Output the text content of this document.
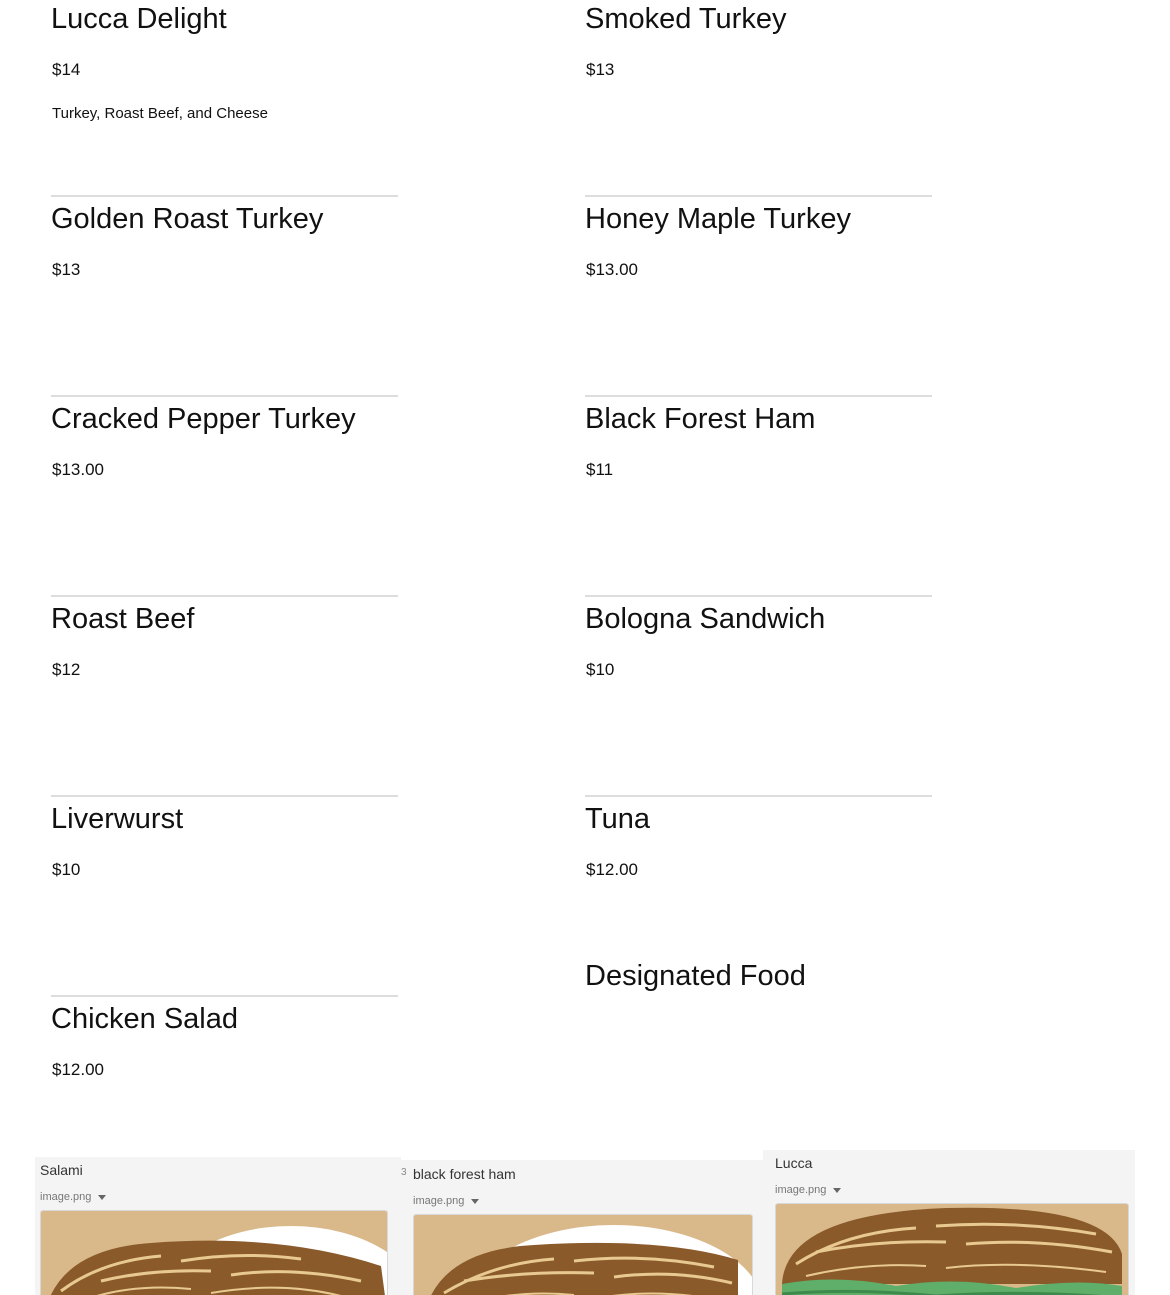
Lucca Delight
$14
Turkey, Roast Beef, and Cheese
Golden Roast Turkey
$13
Cracked Pepper Turkey
$13.00
Roast Beef
$12
Liverwurst
$10
Chicken Salad
$12.00
Smoked Turkey
$13
Honey Maple Turkey
$13.00
Black Forest Ham
$11
Bologna Sandwich
$10
Tuna
$12.00
Designated Food
Salami
image.png
3 black forest ham
image.png
Lucca
image.png
